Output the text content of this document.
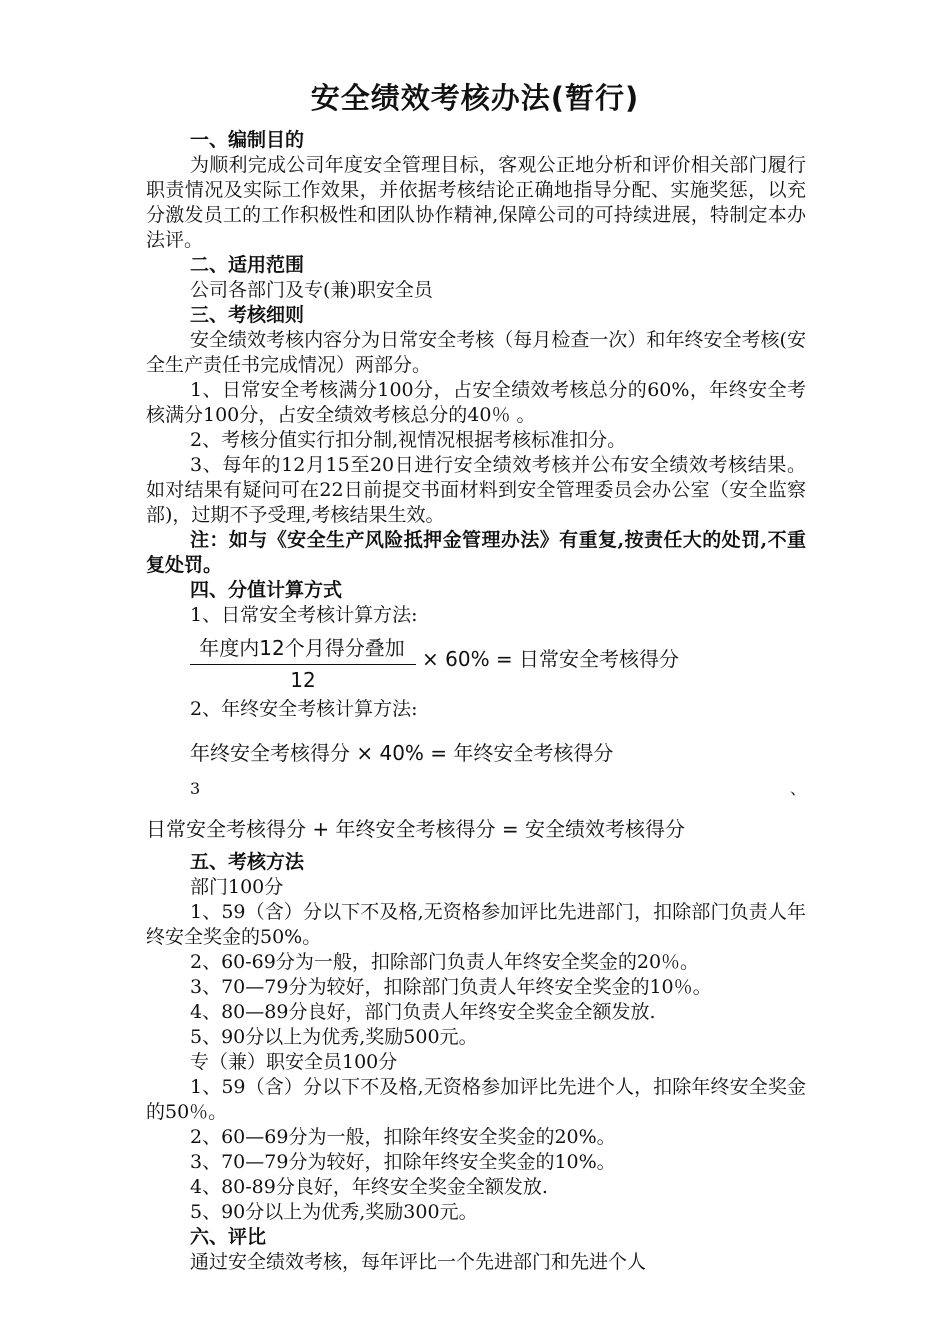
安全绩效考核办法(暂行)

一、编制目的

为顺利完成公司年度安全管理目标，客观公正地分析和评价相关部门履行职责情况及实际工作效果，并依据考核结论正确地指导分配、实施奖惩，以充分激发员工的工作积极性和团队协作精神,保障公司的可持续进展，特制定本办法评。

二、适用范围

公司各部门及专(兼)职安全员

三、考核细则

安全绩效考核内容分为日常安全考核（每月检查一次）和年终安全考核(安全生产责任书完成情况）两部分。

1、日常安全考核满分100分，占安全绩效考核总分的60%，年终安全考核满分100分，占安全绩效考核总分的40％ 。

2、考核分值实行扣分制,视情况根据考核标准扣分。

3、每年的12月15至20日进行安全绩效考核并公布安全绩效考核结果。如对结果有疑问可在22日前提交书面材料到安全管理委员会办公室（安全监察部)，过期不予受理,考核结果生效。

注：如与《安全生产风险抵押金管理办法》有重复,按责任大的处罚,不重复处罚。

四、分值计算方式

1、日常安全考核计算方法:

$\frac{\text{年度内12个月得分叠加}}{12} \times 60\%$ = 日常安全考核得分

2、年终安全考核计算方法:

年终安全考核得分 × 40% = 年终安全考核得分
3	、
日常安全考核得分 + 年终安全考核得分 = 安全绩效考核得分

五、考核方法

部门100分

1、59（含）分以下不及格,无资格参加评比先进部门，扣除部门负责人年终安全奖金的50%。

2、60-69分为一般，扣除部门负责人年终安全奖金的20％。

3、70—79分为较好，扣除部门负责人年终安全奖金的10％。

4、80—89分良好，部门负责人年终安全奖金全额发放.

5、90分以上为优秀,奖励500元。

专（兼）职安全员100分

1、59（含）分以下不及格,无资格参加评比先进个人，扣除年终安全奖金的50％。

2、60—69分为一般，扣除年终安全奖金的20%。

3、70—79分为较好，扣除年终安全奖金的10%。

4、80-89分良好，年终安全奖金全额发放.

5、90分以上为优秀,奖励300元。

六、评比

通过安全绩效考核，每年评比一个先进部门和先进个人
